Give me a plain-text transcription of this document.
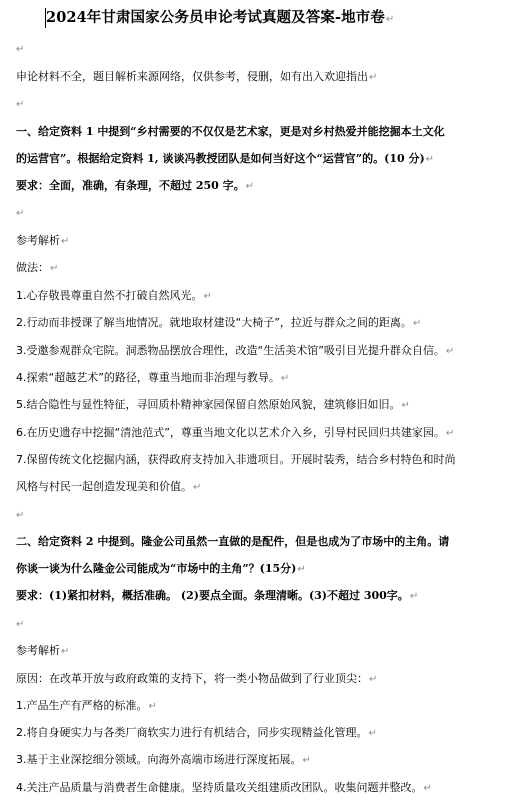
2024年甘肃国家公务员申论考试真题及答案-地市卷↵
↵
申论材料不全，题目解析来源网络，仅供参考，侵删，如有出入欢迎指出↵
↵
一、给定资料 1 中提到“乡村需要的不仅仅是艺术家，更是对乡村热爱并能挖掘本土文化
的运营官”。根据给定资料 1, 谈谈冯教授团队是如何当好这个“运营官”的。(10 分)↵
要求：全面，准确，有条理，不超过 250 字。↵
↵
参考解析↵
做法：↵
1.心存敬畏尊重自然不打破自然风光。↵
2.行动而非授课了解当地情况。就地取材建设“大椅子”，拉近与群众之间的距离。↵
3.受邀参观群众宅院。洞悉物品摆放合理性，改造“生活美术馆”吸引目光提升群众自信。↵
4.探索“超越艺术”的路径，尊重当地而非治理与教导。↵
5.结合隐性与显性特征，寻回质朴精神家园保留自然原始风貌，建筑修旧如旧。↵
6.在历史遗存中挖掘“清池范式”，尊重当地文化以艺术介入乡，引导村民回归共建家园。↵
7.保留传统文化挖掘内涵，获得政府支持加入非遗项目。开展时装秀，结合乡村特色和时尚
风格与村民一起创造发现美和价值。↵
↵
二、给定资料 2 中提到。隆金公司虽然一直做的是配件，但是也成为了市场中的主角。请
你谈一谈为什么隆金公司能成为“市场中的主角”？(15分)↵
要求：(1)紧扣材料，概括准确。 (2)要点全面。条理清晰。(3)不超过 300字。↵
↵
参考解析↵
原因：在改革开放与政府政策的支持下，将一类小物品做到了行业顶尖：↵
1.产品生产有严格的标准。↵
2.将自身硬实力与各类厂商软实力进行有机结合，同步实现精益化管理。↵
3.基于主业深挖细分领域。向海外高端市场进行深度拓展。↵
4.关注产品质量与消费者生命健康。坚持质量攻关组建质改团队。收集问题并整改。↵
